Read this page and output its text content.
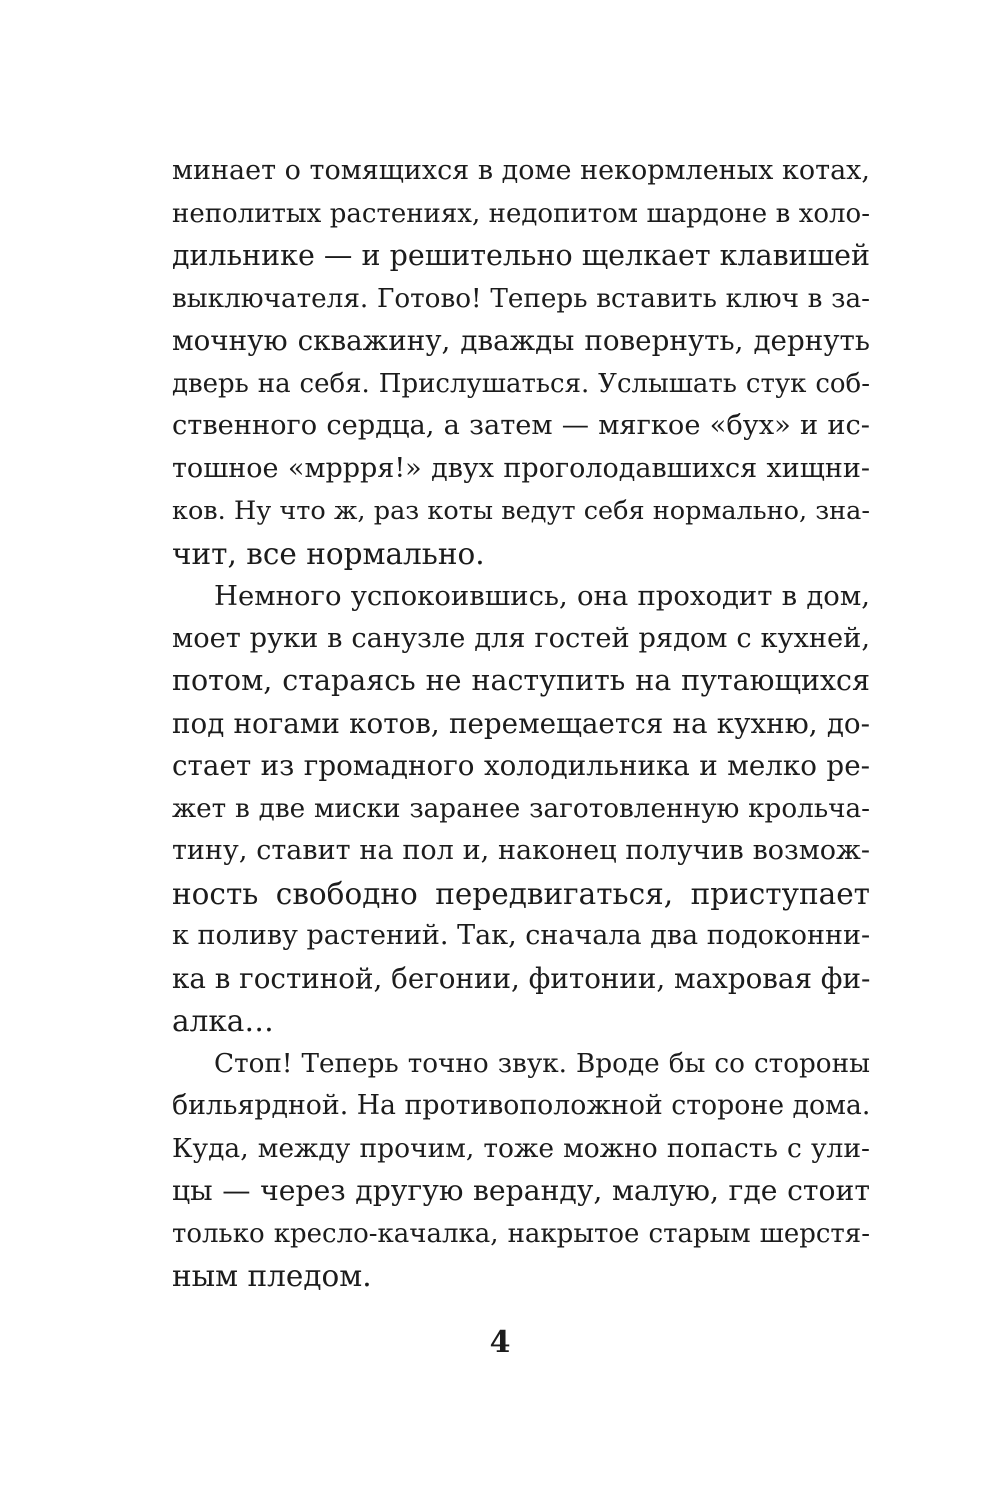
минает о томящихся в доме некормленых котах,
неполитых растениях, недопитом шардоне в холо-
дильнике — и решительно щелкает клавишей
выключателя. Готово! Теперь вставить ключ в за-
мочную скважину, дважды повернуть, дернуть
дверь на себя. Прислушаться. Услышать стук соб-
ственного сердца, а затем — мягкое «бух» и ис-
тошное «мррря!» двух проголодавшихся хищни-
ков. Ну что ж, раз коты ведут себя нормально, зна-
чит, все нормально.
Немного успокоившись, она проходит в дом,
моет руки в санузле для гостей рядом с кухней,
потом, стараясь не наступить на путающихся
под ногами котов, перемещается на кухню, до-
стает из громадного холодильника и мелко ре-
жет в две миски заранее заготовленную крольча-
тину, ставит на пол и, наконец получив возмож-
ность свободно передвигаться, приступает
к поливу растений. Так, сначала два подоконни-
ка в гостиной, бегонии, фитонии, махровая фи-
алка…
Стоп! Теперь точно звук. Вроде бы со стороны
бильярдной. На противоположной стороне дома.
Куда, между прочим, тоже можно попасть с ули-
цы — через другую веранду, малую, где стоит
только кресло-качалка, накрытое старым шерстя-
ным пледом.
4
